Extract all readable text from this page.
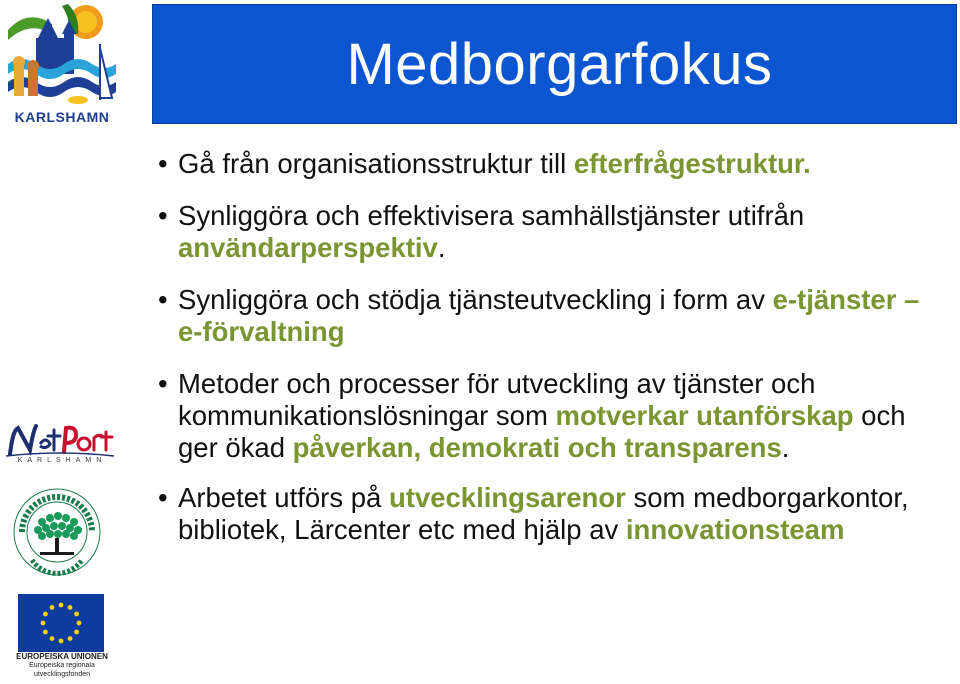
KARLSHAMN
Medborgarfokus
• Gå från organisationsstruktur till efterfrågestruktur.
• Synliggöra och effektivisera samhällstjänster utifrån användarperspektiv.
• Synliggöra och stödja tjänsteutveckling i form av e-tjänster – e-förvaltning
• Metoder och processer för utveckling av tjänster och kommunikationslösningar som motverkar utanförskap och ger ökad påverkan, demokrati och transparens.
• Arbetet utförs på utvecklingsarenor som medborgarkontor, bibliotek, Lärcenter etc med hjälp av innovationsteam
KARLSHAMN
EUROPEISKA UNIONEN
Europeiska regionala
utvecklingsfonden
